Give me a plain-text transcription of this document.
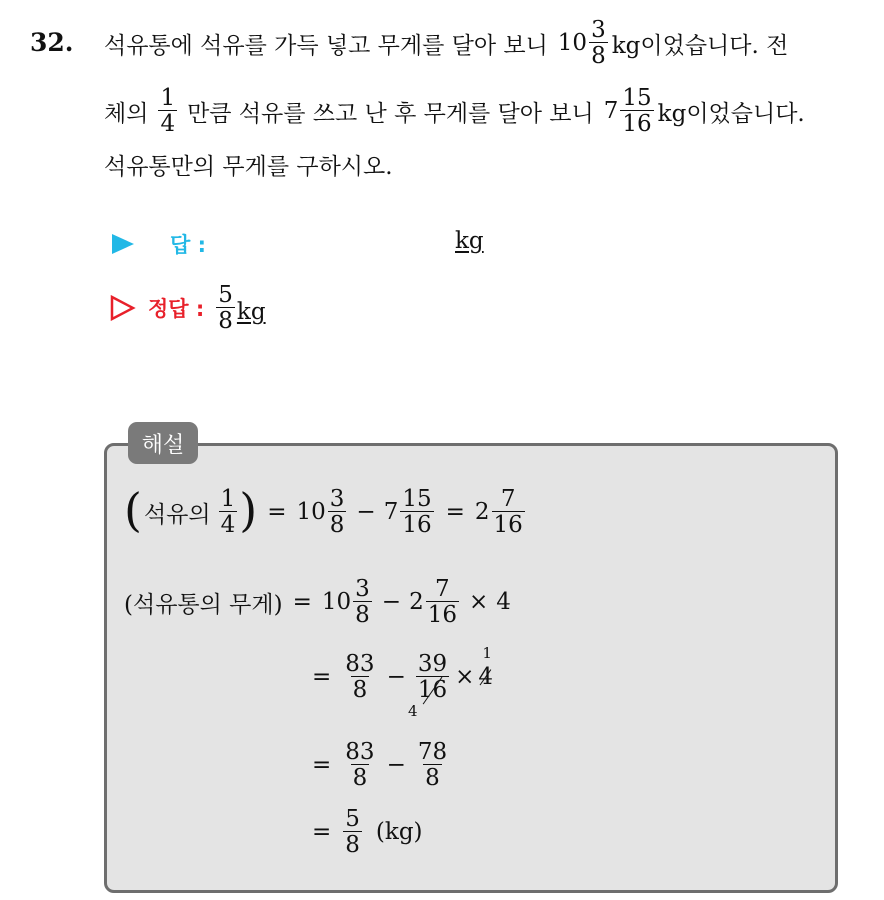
32. 석유통에 석유를 가득 넣고 무게를 달아 보니 $10 \frac{3}{8}$ kg이었습니다. 전
체의 $\frac{1}{4}$ 만큼 석유를 쓰고 난 후 무게를 달아 보니 $7 \frac{15}{16}$ kg이었습니다.
석유통만의 무게를 구하시오.
답 :	kg
정답 : $\frac{5}{8}$ kg
해설
( 석유의 $\frac{1}{4}$ ) = $10 \frac{3}{8} - 7 \frac{15}{16} = 2 \frac{7}{16}$
(석유통의 무게) = $10 \frac{3}{8} - 2 \frac{7}{16} \times 4$
= $\frac{83}{8} - \frac{39}{16} \times 4$
1
4
= $\frac{83}{8} - \frac{78}{8}$
= $\frac{5}{8} (kg)$
